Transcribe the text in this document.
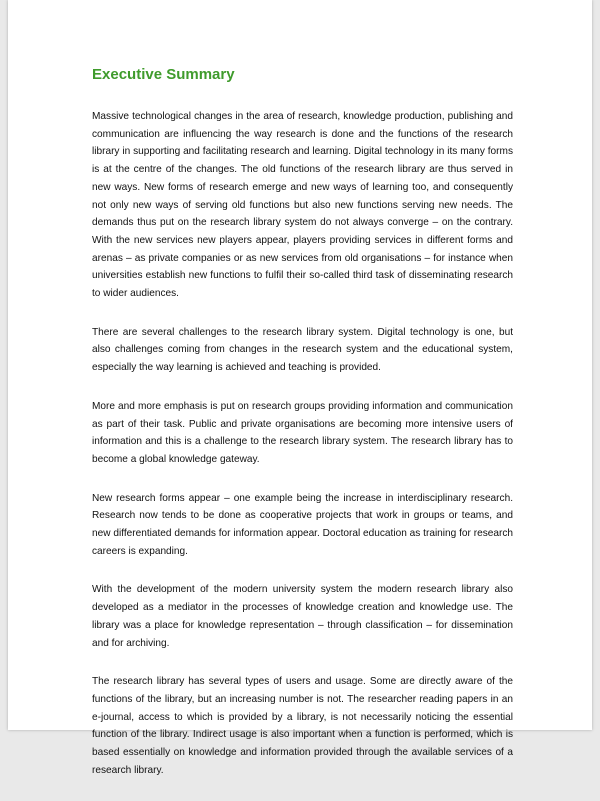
Executive Summary

Massive technological changes in the area of research, knowledge production, publishing and communication are influencing the way research is done and the functions of the research library in supporting and facilitating research and learning. Digital technology in its many forms is at the centre of the changes. The old functions of the research library are thus served in new ways. New forms of research emerge and new ways of learning too, and consequently not only new ways of serving old functions but also new functions serving new needs. The demands thus put on the research library system do not always converge – on the contrary. With the new services new players appear, players providing services in different forms and arenas – as private companies or as new services from old organisations – for instance when universities establish new functions to fulfil their so-called third task of disseminating research to wider audiences.

There are several challenges to the research library system. Digital technology is one, but also challenges coming from changes in the research system and the educational system, especially the way learning is achieved and teaching is provided.

More and more emphasis is put on research groups providing information and communication as part of their task. Public and private organisations are becoming more intensive users of information and this is a challenge to the research library system. The research library has to become a global knowledge gateway.

New research forms appear – one example being the increase in interdisciplinary research. Research now tends to be done as cooperative projects that work in groups or teams, and new differentiated demands for information appear. Doctoral education as training for research careers is expanding.

With the development of the modern university system the modern research library also developed as a mediator in the processes of knowledge creation and knowledge use. The library was a place for knowledge representation – through classification – for dissemination and for archiving.

The research library has several types of users and usage. Some are directly aware of the functions of the library, but an increasing number is not. The researcher reading papers in an e-journal, access to which is provided by a library, is not necessarily noticing the essential function of the library. Indirect usage is also important when a function is performed, which is based essentially on knowledge and information provided through the available services of a research library.
